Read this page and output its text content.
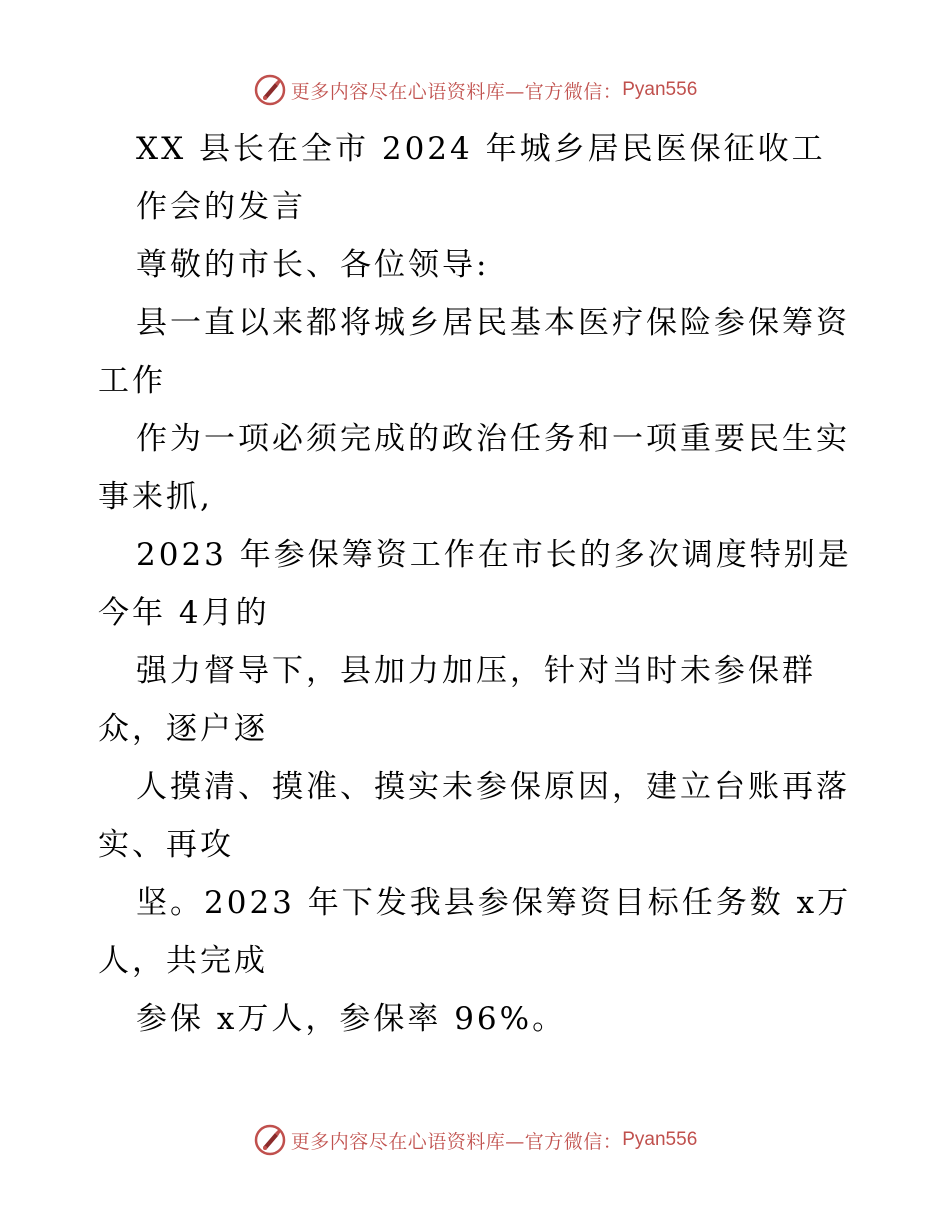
更多内容尽在心语资料库—官方微信： Pyan556
XX 县长在全市 2024 年城乡居民医保征收工
作会的发言
尊敬的市长、各位领导:
县一直以来都将城乡居民基本医疗保险参保筹资
工作
作为一项必须完成的政治任务和一项重要民生实
事来抓,
2023 年参保筹资工作在市长的多次调度特别是
今年 4月的
强力督导下，县加力加压，针对当时未参保群
众，逐户逐
人摸清、摸准、摸实未参保原因，建立台账再落
实、再攻
坚。2023 年下发我县参保筹资目标任务数 x万
人，共完成
参保 x万人，参保率 96%。
更多内容尽在心语资料库—官方微信： Pyan556
